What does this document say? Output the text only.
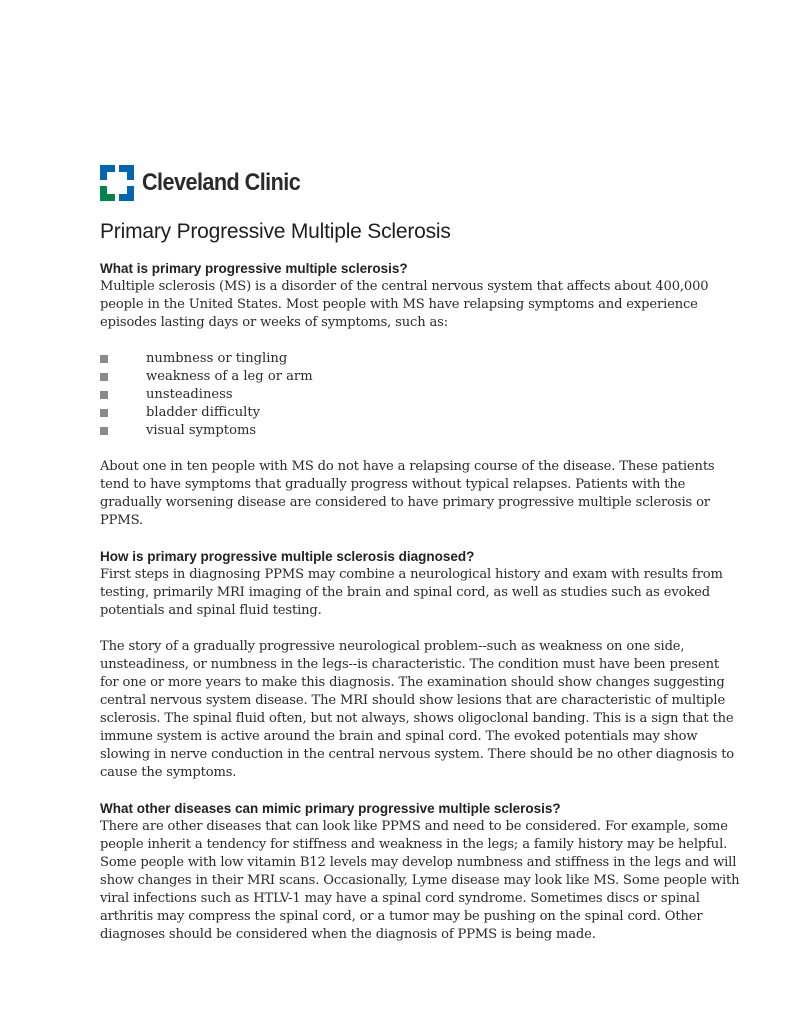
Cleveland Clinic
Primary Progressive Multiple Sclerosis
What is primary progressive multiple sclerosis?

Multiple sclerosis (MS) is a disorder of the central nervous system that affects about 400,000 people in the United States. Most people with MS have relapsing symptoms and experience episodes lasting days or weeks of symptoms, such as:

numbness or tingling
weakness of a leg or arm
unsteadiness
bladder difficulty
visual symptoms

About one in ten people with MS do not have a relapsing course of the disease. These patients tend to have symptoms that gradually progress without typical relapses. Patients with the gradually worsening disease are considered to have primary progressive multiple sclerosis or PPMS.

How is primary progressive multiple sclerosis diagnosed?

First steps in diagnosing PPMS may combine a neurological history and exam with results from testing, primarily MRI imaging of the brain and spinal cord, as well as studies such as evoked potentials and spinal fluid testing.

The story of a gradually progressive neurological problem--such as weakness on one side, unsteadiness, or numbness in the legs--is characteristic. The condition must have been present for one or more years to make this diagnosis. The examination should show changes suggesting central nervous system disease. The MRI should show lesions that are characteristic of multiple sclerosis. The spinal fluid often, but not always, shows oligoclonal banding. This is a sign that the immune system is active around the brain and spinal cord. The evoked potentials may show slowing in nerve conduction in the central nervous system. There should be no other diagnosis to cause the symptoms.

What other diseases can mimic primary progressive multiple sclerosis?

There are other diseases that can look like PPMS and need to be considered. For example, some people inherit a tendency for stiffness and weakness in the legs; a family history may be helpful. Some people with low vitamin B12 levels may develop numbness and stiffness in the legs and will show changes in their MRI scans. Occasionally, Lyme disease may look like MS. Some people with viral infections such as HTLV-1 may have a spinal cord syndrome. Sometimes discs or spinal arthritis may compress the spinal cord, or a tumor may be pushing on the spinal cord. Other diagnoses should be considered when the diagnosis of PPMS is being made.
